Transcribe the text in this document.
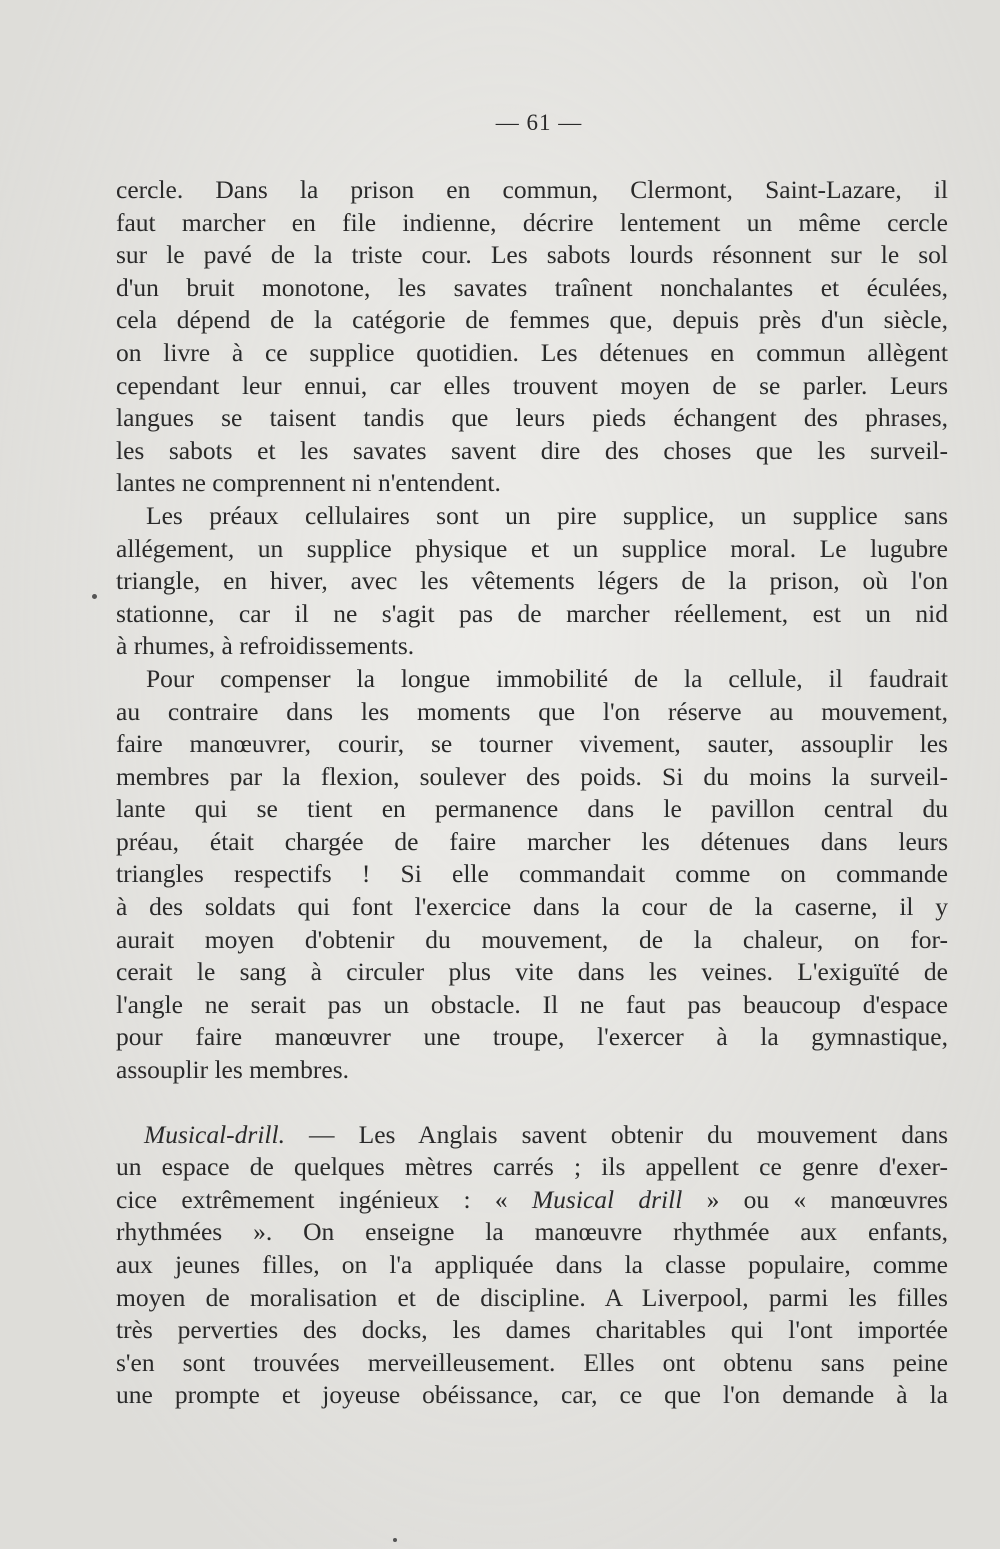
— 61 —
cercle. Dans la prison en commun, Clermont, Saint-Lazare, il
faut marcher en file indienne, décrire lentement un même cercle
sur le pavé de la triste cour. Les sabots lourds résonnent sur le sol
d'un bruit monotone, les savates traînent nonchalantes et éculées,
cela dépend de la catégorie de femmes que, depuis près d'un siècle,
on livre à ce supplice quotidien. Les détenues en commun allègent
cependant leur ennui, car elles trouvent moyen de se parler. Leurs
langues se taisent tandis que leurs pieds échangent des phrases,
les sabots et les savates savent dire des choses que les surveil-
lantes ne comprennent ni n'entendent.
Les préaux cellulaires sont un pire supplice, un supplice sans
allégement, un supplice physique et un supplice moral. Le lugubre
triangle, en hiver, avec les vêtements légers de la prison, où l'on
stationne, car il ne s'agit pas de marcher réellement, est un nid
à rhumes, à refroidissements.
Pour compenser la longue immobilité de la cellule, il faudrait
au contraire dans les moments que l'on réserve au mouvement,
faire manœuvrer, courir, se tourner vivement, sauter, assouplir les
membres par la flexion, soulever des poids. Si du moins la surveil-
lante qui se tient en permanence dans le pavillon central du
préau, était chargée de faire marcher les détenues dans leurs
triangles respectifs ! Si elle commandait comme on commande
à des soldats qui font l'exercice dans la cour de la caserne, il y
aurait moyen d'obtenir du mouvement, de la chaleur, on for-
cerait le sang à circuler plus vite dans les veines. L'exiguïté de
l'angle ne serait pas un obstacle. Il ne faut pas beaucoup d'espace
pour faire manœuvrer une troupe, l'exercer à la gymnastique,
assouplir les membres.
Musical-drill. — Les Anglais savent obtenir du mouvement dans
un espace de quelques mètres carrés ; ils appellent ce genre d'exer-
cice extrêmement ingénieux : « Musical drill » ou « manœuvres
rhythmées ». On enseigne la manœuvre rhythmée aux enfants,
aux jeunes filles, on l'a appliquée dans la classe populaire, comme
moyen de moralisation et de discipline. A Liverpool, parmi les filles
très perverties des docks, les dames charitables qui l'ont importée
s'en sont trouvées merveilleusement. Elles ont obtenu sans peine
une prompte et joyeuse obéissance, car, ce que l'on demande à la
